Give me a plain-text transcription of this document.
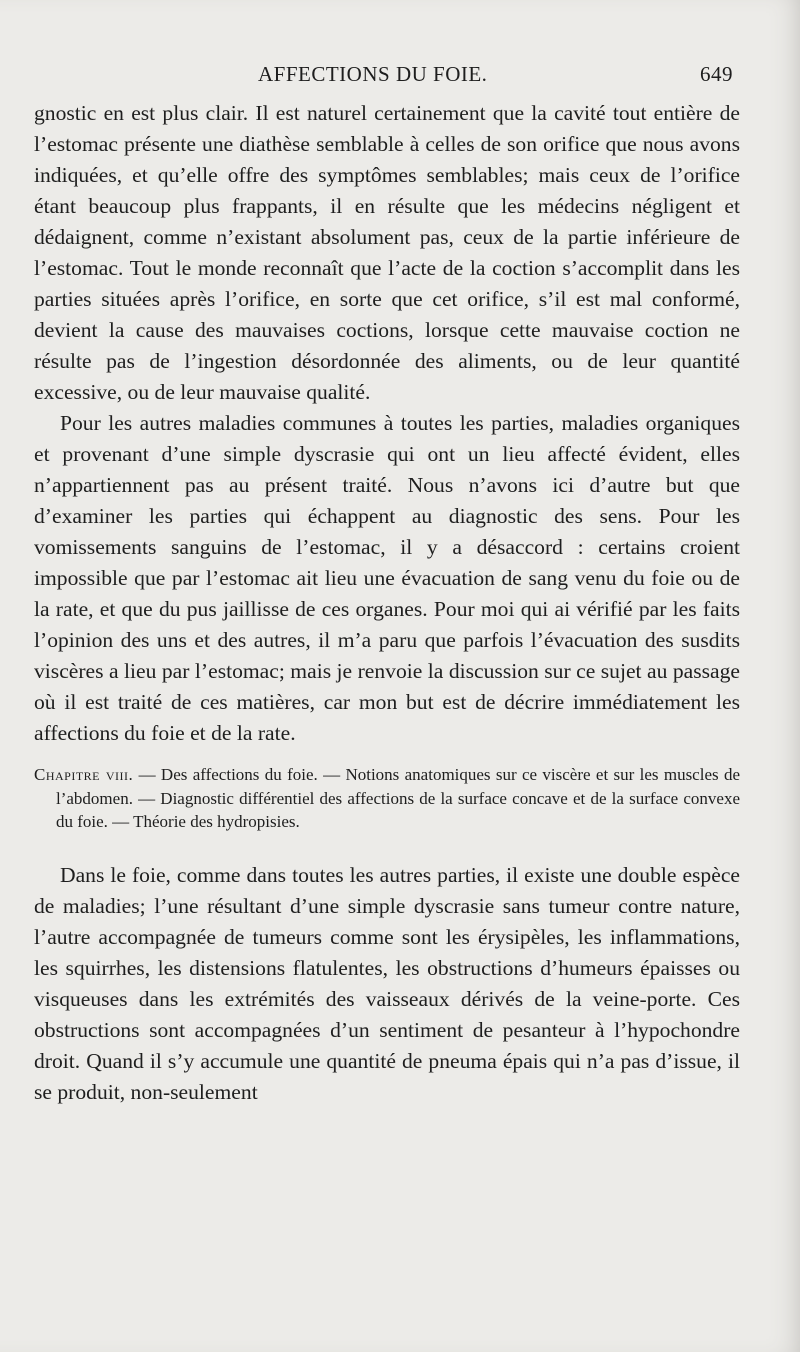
AFFECTIONS DU FOIE.	649

gnostic en est plus clair. Il est naturel certainement que la cavité tout entière de l’estomac présente une diathèse semblable à celles de son orifice que nous avons indiquées, et qu’elle offre des symptômes semblables; mais ceux de l’orifice étant beaucoup plus frappants, il en résulte que les médecins négligent et dédaignent, comme n’existant absolument pas, ceux de la partie inférieure de l’estomac. Tout le monde reconnaît que l’acte de la coction s’accomplit dans les parties situées après l’orifice, en sorte que cet orifice, s’il est mal conformé, devient la cause des mauvaises coctions, lorsque cette mauvaise coction ne résulte pas de l’ingestion désordonnée des aliments, ou de leur quantité excessive, ou de leur mauvaise qualité.

Pour les autres maladies communes à toutes les parties, maladies organiques et provenant d’une simple dyscrasie qui ont un lieu affecté évident, elles n’appartiennent pas au présent traité. Nous n’avons ici d’autre but que d’examiner les parties qui échappent au diagnostic des sens. Pour les vomissements sanguins de l’estomac, il y a désaccord : certains croient impossible que par l’estomac ait lieu une évacuation de sang venu du foie ou de la rate, et que du pus jaillisse de ces organes. Pour moi qui ai vérifié par les faits l’opinion des uns et des autres, il m’a paru que parfois l’évacuation des susdits viscères a lieu par l’estomac; mais je renvoie la discussion sur ce sujet au passage où il est traité de ces matières, car mon but est de décrire immédiatement les affections du foie et de la rate.

Chapitre viii. — Des affections du foie. — Notions anatomiques sur ce viscère et sur les muscles de l’abdomen. — Diagnostic différentiel des affections de la surface concave et de la surface convexe du foie. — Théorie des hydropisies.

Dans le foie, comme dans toutes les autres parties, il existe une double espèce de maladies; l’une résultant d’une simple dyscrasie sans tumeur contre nature, l’autre accompagnée de tumeurs comme sont les érysipèles, les inflammations, les squirrhes, les distensions flatulentes, les obstructions d’humeurs épaisses ou visqueuses dans les extrémités des vaisseaux dérivés de la veine-porte. Ces obstructions sont accompagnées d’un sentiment de pesanteur à l’hypochondre droit. Quand il s’y accumule une quantité de pneuma épais qui n’a pas d’issue, il se produit, non-seulement
